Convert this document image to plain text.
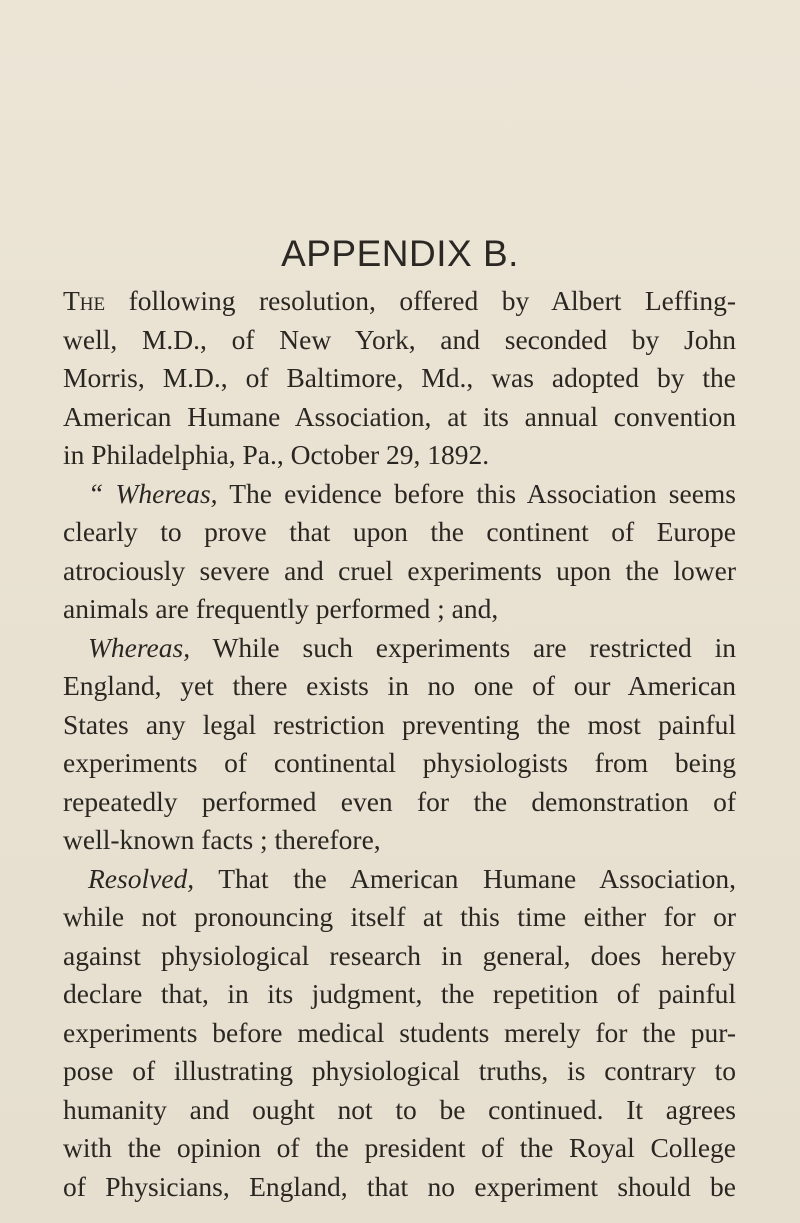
APPENDIX B.
The following resolution, offered by Albert Leffing-
well, M.D., of New York, and seconded by John
Morris, M.D., of Baltimore, Md., was adopted by the
American Humane Association, at its annual convention
in Philadelphia, Pa., October 29, 1892.
“ Whereas, The evidence before this Association seems
clearly to prove that upon the continent of Europe
atrociously severe and cruel experiments upon the lower
animals are frequently performed ; and,
Whereas, While such experiments are restricted in
England, yet there exists in no one of our American
States any legal restriction preventing the most painful
experiments of continental physiologists from being
repeatedly performed even for the demonstration of
well-known facts ; therefore,
Resolved, That the American Humane Association,
while not pronouncing itself at this time either for or
against physiological research in general, does hereby
declare that, in its judgment, the repetition of painful
experiments before medical students merely for the pur-
pose of illustrating physiological truths, is contrary to
humanity and ought not to be continued. It agrees
with the opinion of the president of the Royal College
of Physicians, England, that no experiment should be
